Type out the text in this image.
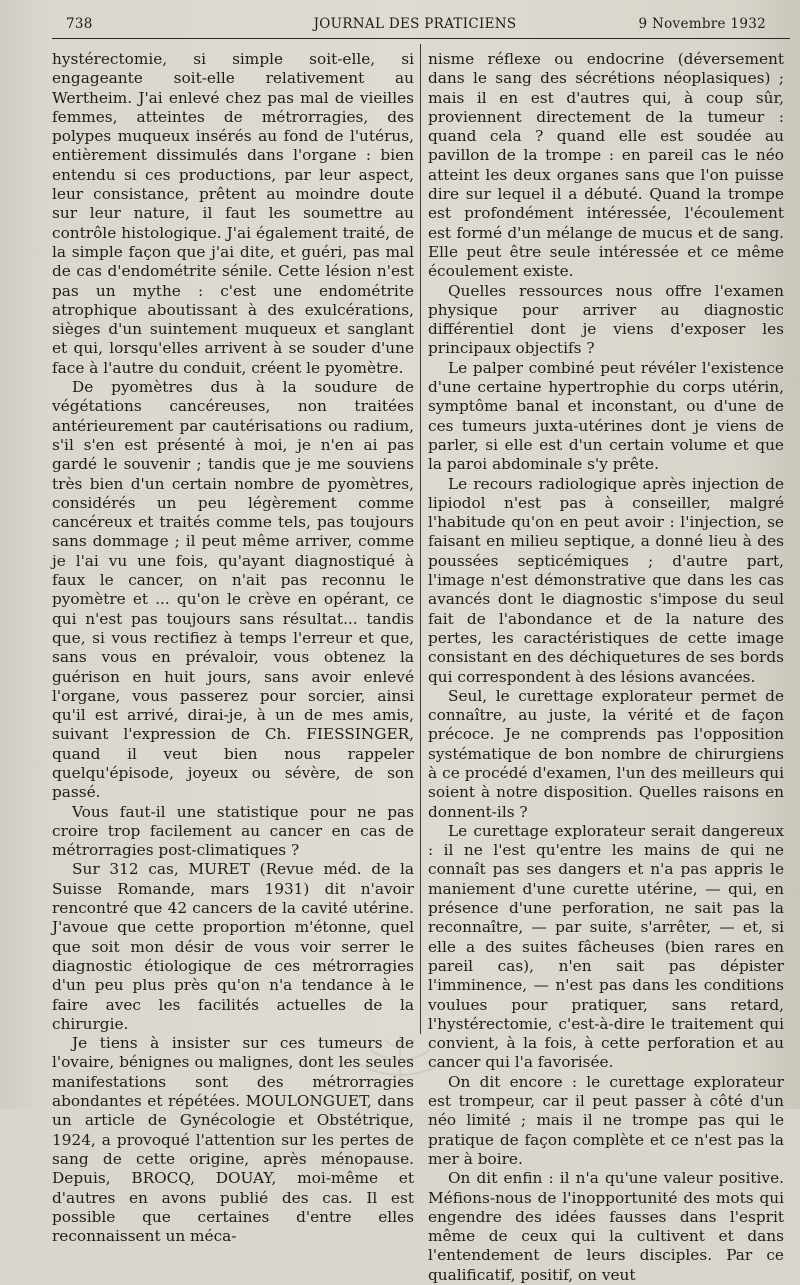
738	JOURNAL DES PRATICIENS	9 Novembre 1932

hystérectomie, si simple soit-elle, si engageante soit-elle relativement au Wertheim. J'ai enlevé chez pas mal de vieilles femmes, atteintes de métrorragies, des polypes muqueux insérés au fond de l'utérus, entièrement dissimulés dans l'organe : bien entendu si ces productions, par leur aspect, leur consistance, prêtent au moindre doute sur leur nature, il faut les soumettre au contrôle histologique. J'ai également traité, de la simple façon que j'ai dite, et guéri, pas mal de cas d'endométrite sénile. Cette lésion n'est pas un mythe : c'est une endométrite atrophique aboutissant à des exulcérations, sièges d'un suintement muqueux et sanglant et qui, lorsqu'elles arrivent à se souder d'une face à l'autre du conduit, créent le pyomètre.

De pyomètres dus à la soudure de végétations cancéreuses, non traitées antérieurement par cautérisations ou radium, s'il s'en est présenté à moi, je n'en ai pas gardé le souvenir ; tandis que je me souviens très bien d'un certain nombre de pyomètres, considérés un peu légèrement comme cancéreux et traités comme tels, pas toujours sans dommage ; il peut même arriver, comme je l'ai vu une fois, qu'ayant diagnostiqué à faux le cancer, on n'ait pas reconnu le pyomètre et ... qu'on le crève en opérant, ce qui n'est pas toujours sans résultat... tandis que, si vous rectifiez à temps l'erreur et que, sans vous en prévaloir, vous obtenez la guérison en huit jours, sans avoir enlevé l'organe, vous passerez pour sorcier, ainsi qu'il est arrivé, dirai-je, à un de mes amis, suivant l'expression de Ch. FIESSINGER, quand il veut bien nous rappeler quelqu'épisode, joyeux ou sévère, de son passé.

Vous faut-il une statistique pour ne pas croire trop facilement au cancer en cas de métrorragies post-climatiques ?

Sur 312 cas, MURET (Revue méd. de la Suisse Romande, mars 1931) dit n'avoir rencontré que 42 cancers de la cavité utérine. J'avoue que cette proportion m'étonne, quel que soit mon désir de vous voir serrer le diagnostic étiologique de ces métrorragies d'un peu plus près qu'on n'a tendance à le faire avec les facilités actuelles de la chirurgie.

Je tiens à insister sur ces tumeurs de l'ovaire, bénignes ou malignes, dont les seules manifestations sont des métrorragies abondantes et répétées. MOULONGUET, dans un article de Gynécologie et Obstétrique, 1924, a provoqué l'attention sur les pertes de sang de cette origine, après ménopause. Depuis, BROCQ, DOUAY, moi-même et d'autres en avons publié des cas. Il est possible que certaines d'entre elles reconnaissent un méca-

nisme réflexe ou endocrine (déversement dans le sang des sécrétions néoplasiques) ; mais il en est d'autres qui, à coup sûr, proviennent directement de la tumeur : quand cela ? quand elle est soudée au pavillon de la trompe : en pareil cas le néo atteint les deux organes sans que l'on puisse dire sur lequel il a débuté. Quand la trompe est profondément intéressée, l'écoulement est formé d'un mélange de mucus et de sang. Elle peut être seule intéressée et ce même écoulement existe.

Quelles ressources nous offre l'examen physique pour arriver au diagnostic différentiel dont je viens d'exposer les principaux objectifs ?

Le palper combiné peut révéler l'existence d'une certaine hypertrophie du corps utérin, symptôme banal et inconstant, ou d'une de ces tumeurs juxta-utérines dont je viens de parler, si elle est d'un certain volume et que la paroi abdominale s'y prête.

Le recours radiologique après injection de lipiodol n'est pas à conseiller, malgré l'habitude qu'on en peut avoir : l'injection, se faisant en milieu septique, a donné lieu à des poussées septicémiques ; d'autre part, l'image n'est démonstrative que dans les cas avancés dont le diagnostic s'impose du seul fait de l'abondance et de la nature des pertes, les caractéristiques de cette image consistant en des déchiquetures de ses bords qui correspondent à des lésions avancées.

Seul, le curettage explorateur permet de connaître, au juste, la vérité et de façon précoce. Je ne comprends pas l'opposition systématique de bon nombre de chirurgiens à ce procédé d'examen, l'un des meilleurs qui soient à notre disposition. Quelles raisons en donnent-ils ?

Le curettage explorateur serait dangereux : il ne l'est qu'entre les mains de qui ne connaît pas ses dangers et n'a pas appris le maniement d'une curette utérine, — qui, en présence d'une perforation, ne sait pas la reconnaître, — par suite, s'arrêter, — et, si elle a des suites fâcheuses (bien rares en pareil cas), n'en sait pas dépister l'imminence, — n'est pas dans les conditions voulues pour pratiquer, sans retard, l'hystérectomie, c'est-à-dire le traitement qui convient, à la fois, à cette perforation et au cancer qui l'a favorisée.

On dit encore : le curettage explorateur est trompeur, car il peut passer à côté d'un néo limité ; mais il ne trompe pas qui le pratique de façon complète et ce n'est pas la mer à boire.

On dit enfin : il n'a qu'une valeur positive. Méfions-nous de l'inopportunité des mots qui engendre des idées fausses dans l'esprit même de ceux qui la cultivent et dans l'entendement de leurs disciples. Par ce qualificatif, positif, on veut
